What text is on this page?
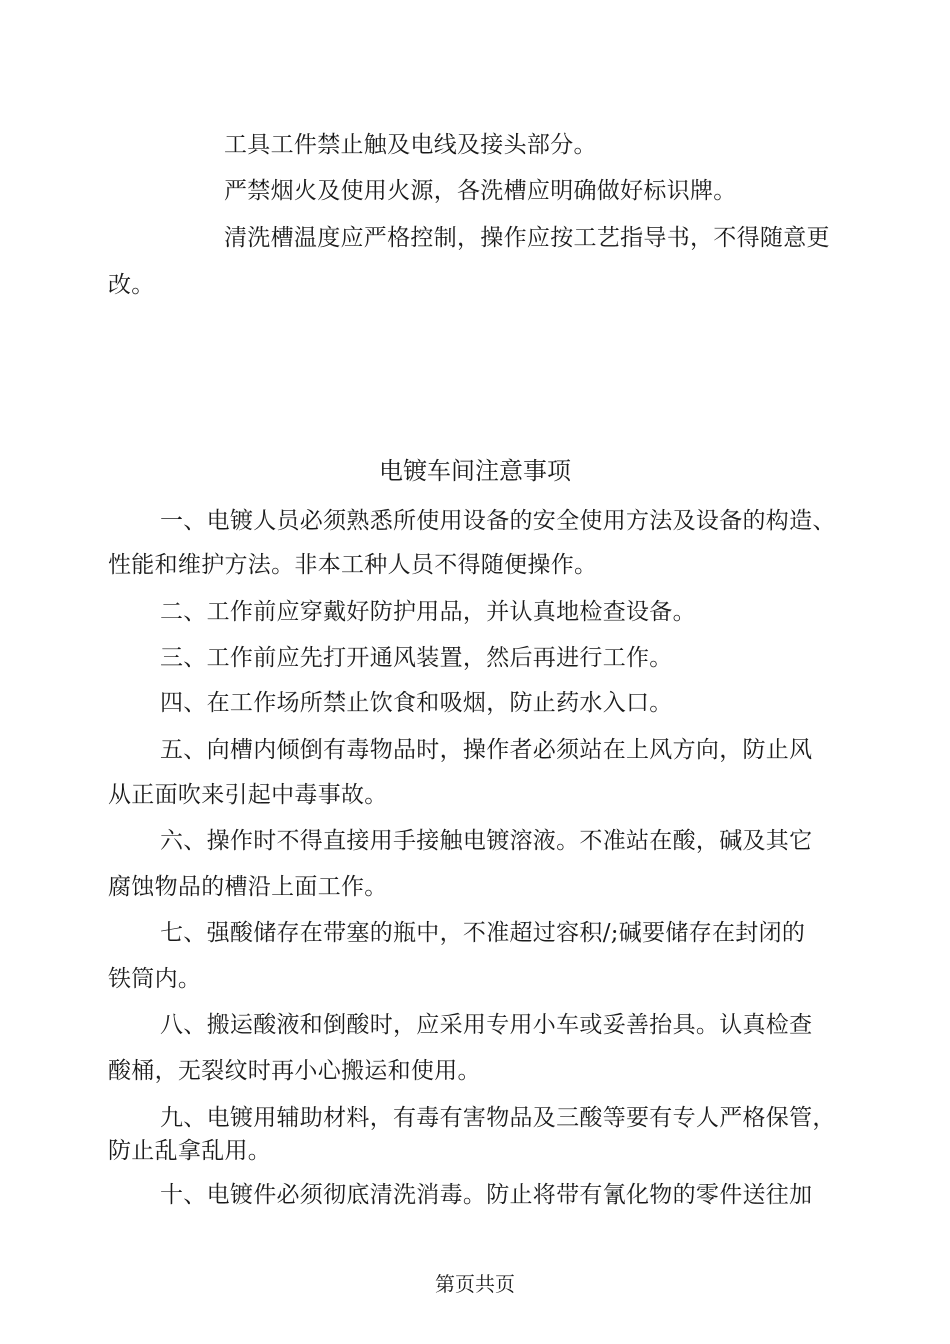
工具工件禁止触及电线及接头部分。
严禁烟火及使用火源，各洗槽应明确做好标识牌。
清洗槽温度应严格控制，操作应按工艺指导书，不得随意更
改。
电镀车间注意事项
一、电镀人员必须熟悉所使用设备的安全使用方法及设备的构造、
性能和维护方法。非本工种人员不得随便操作。
二、工作前应穿戴好防护用品，并认真地检查设备。
三、工作前应先打开通风装置，然后再进行工作。
四、在工作场所禁止饮食和吸烟，防止药水入口。
五、向槽内倾倒有毒物品时，操作者必须站在上风方向，防止风
从正面吹来引起中毒事故。
六、操作时不得直接用手接触电镀溶液。不准站在酸，碱及其它
腐蚀物品的槽沿上面工作。
七、强酸储存在带塞的瓶中，不准超过容积/;碱要储存在封闭的
铁筒内。
八、搬运酸液和倒酸时，应采用专用小车或妥善抬具。认真检查
酸桶，无裂纹时再小心搬运和使用。
九、电镀用辅助材料，有毒有害物品及三酸等要有专人严格保管，
防止乱拿乱用。
十、电镀件必须彻底清洗消毒。防止将带有氰化物的零件送往加
第页共页
